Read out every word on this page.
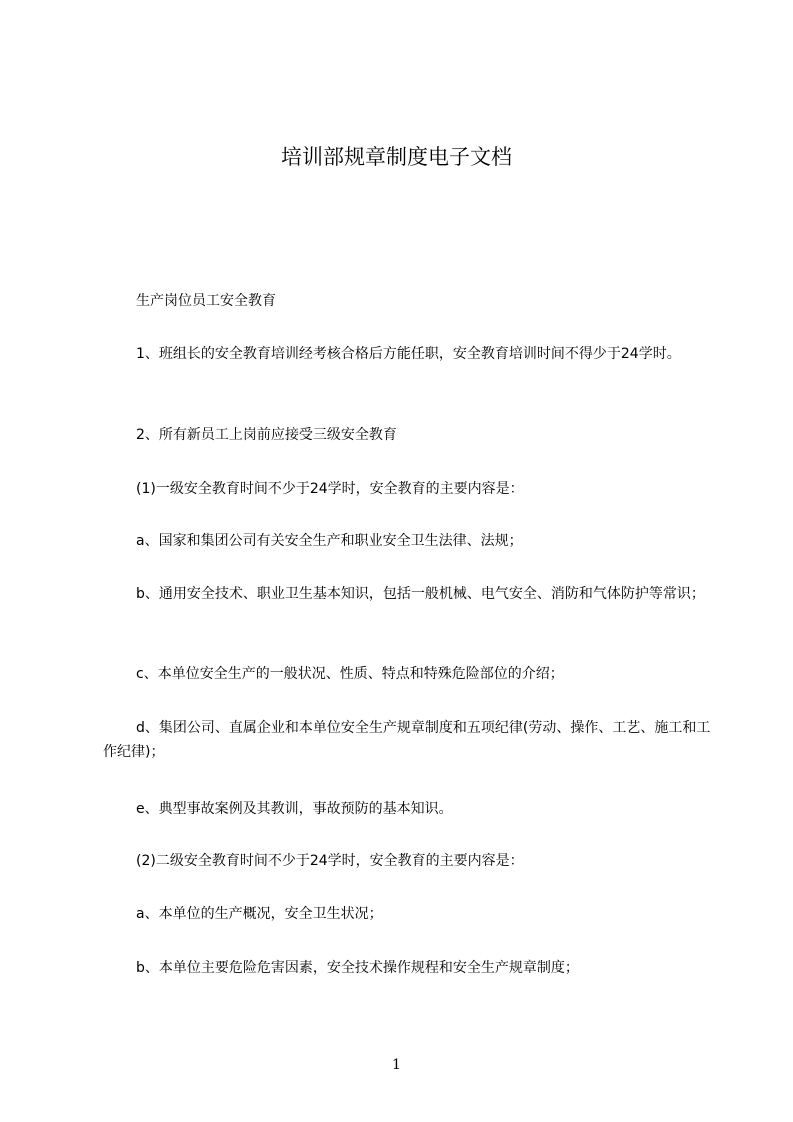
培训部规章制度电子文档

生产岗位员工安全教育

1、班组长的安全教育培训经考核合格后方能任职，安全教育培训时间不得少于24学时。

2、所有新员工上岗前应接受三级安全教育

(1)一级安全教育时间不少于24学时，安全教育的主要内容是：

a、国家和集团公司有关安全生产和职业安全卫生法律、法规；

b、通用安全技术、职业卫生基本知识，包括一般机械、电气安全、消防和气体防护等常识；

c、本单位安全生产的一般状况、性质、特点和特殊危险部位的介绍；

d、集团公司、直属企业和本单位安全生产规章制度和五项纪律(劳动、操作、工艺、施工和工作纪律)；

e、典型事故案例及其教训，事故预防的基本知识。

(2)二级安全教育时间不少于24学时，安全教育的主要内容是：

a、本单位的生产概况，安全卫生状况；

b、本单位主要危险危害因素，安全技术操作规程和安全生产规章制度；

1
